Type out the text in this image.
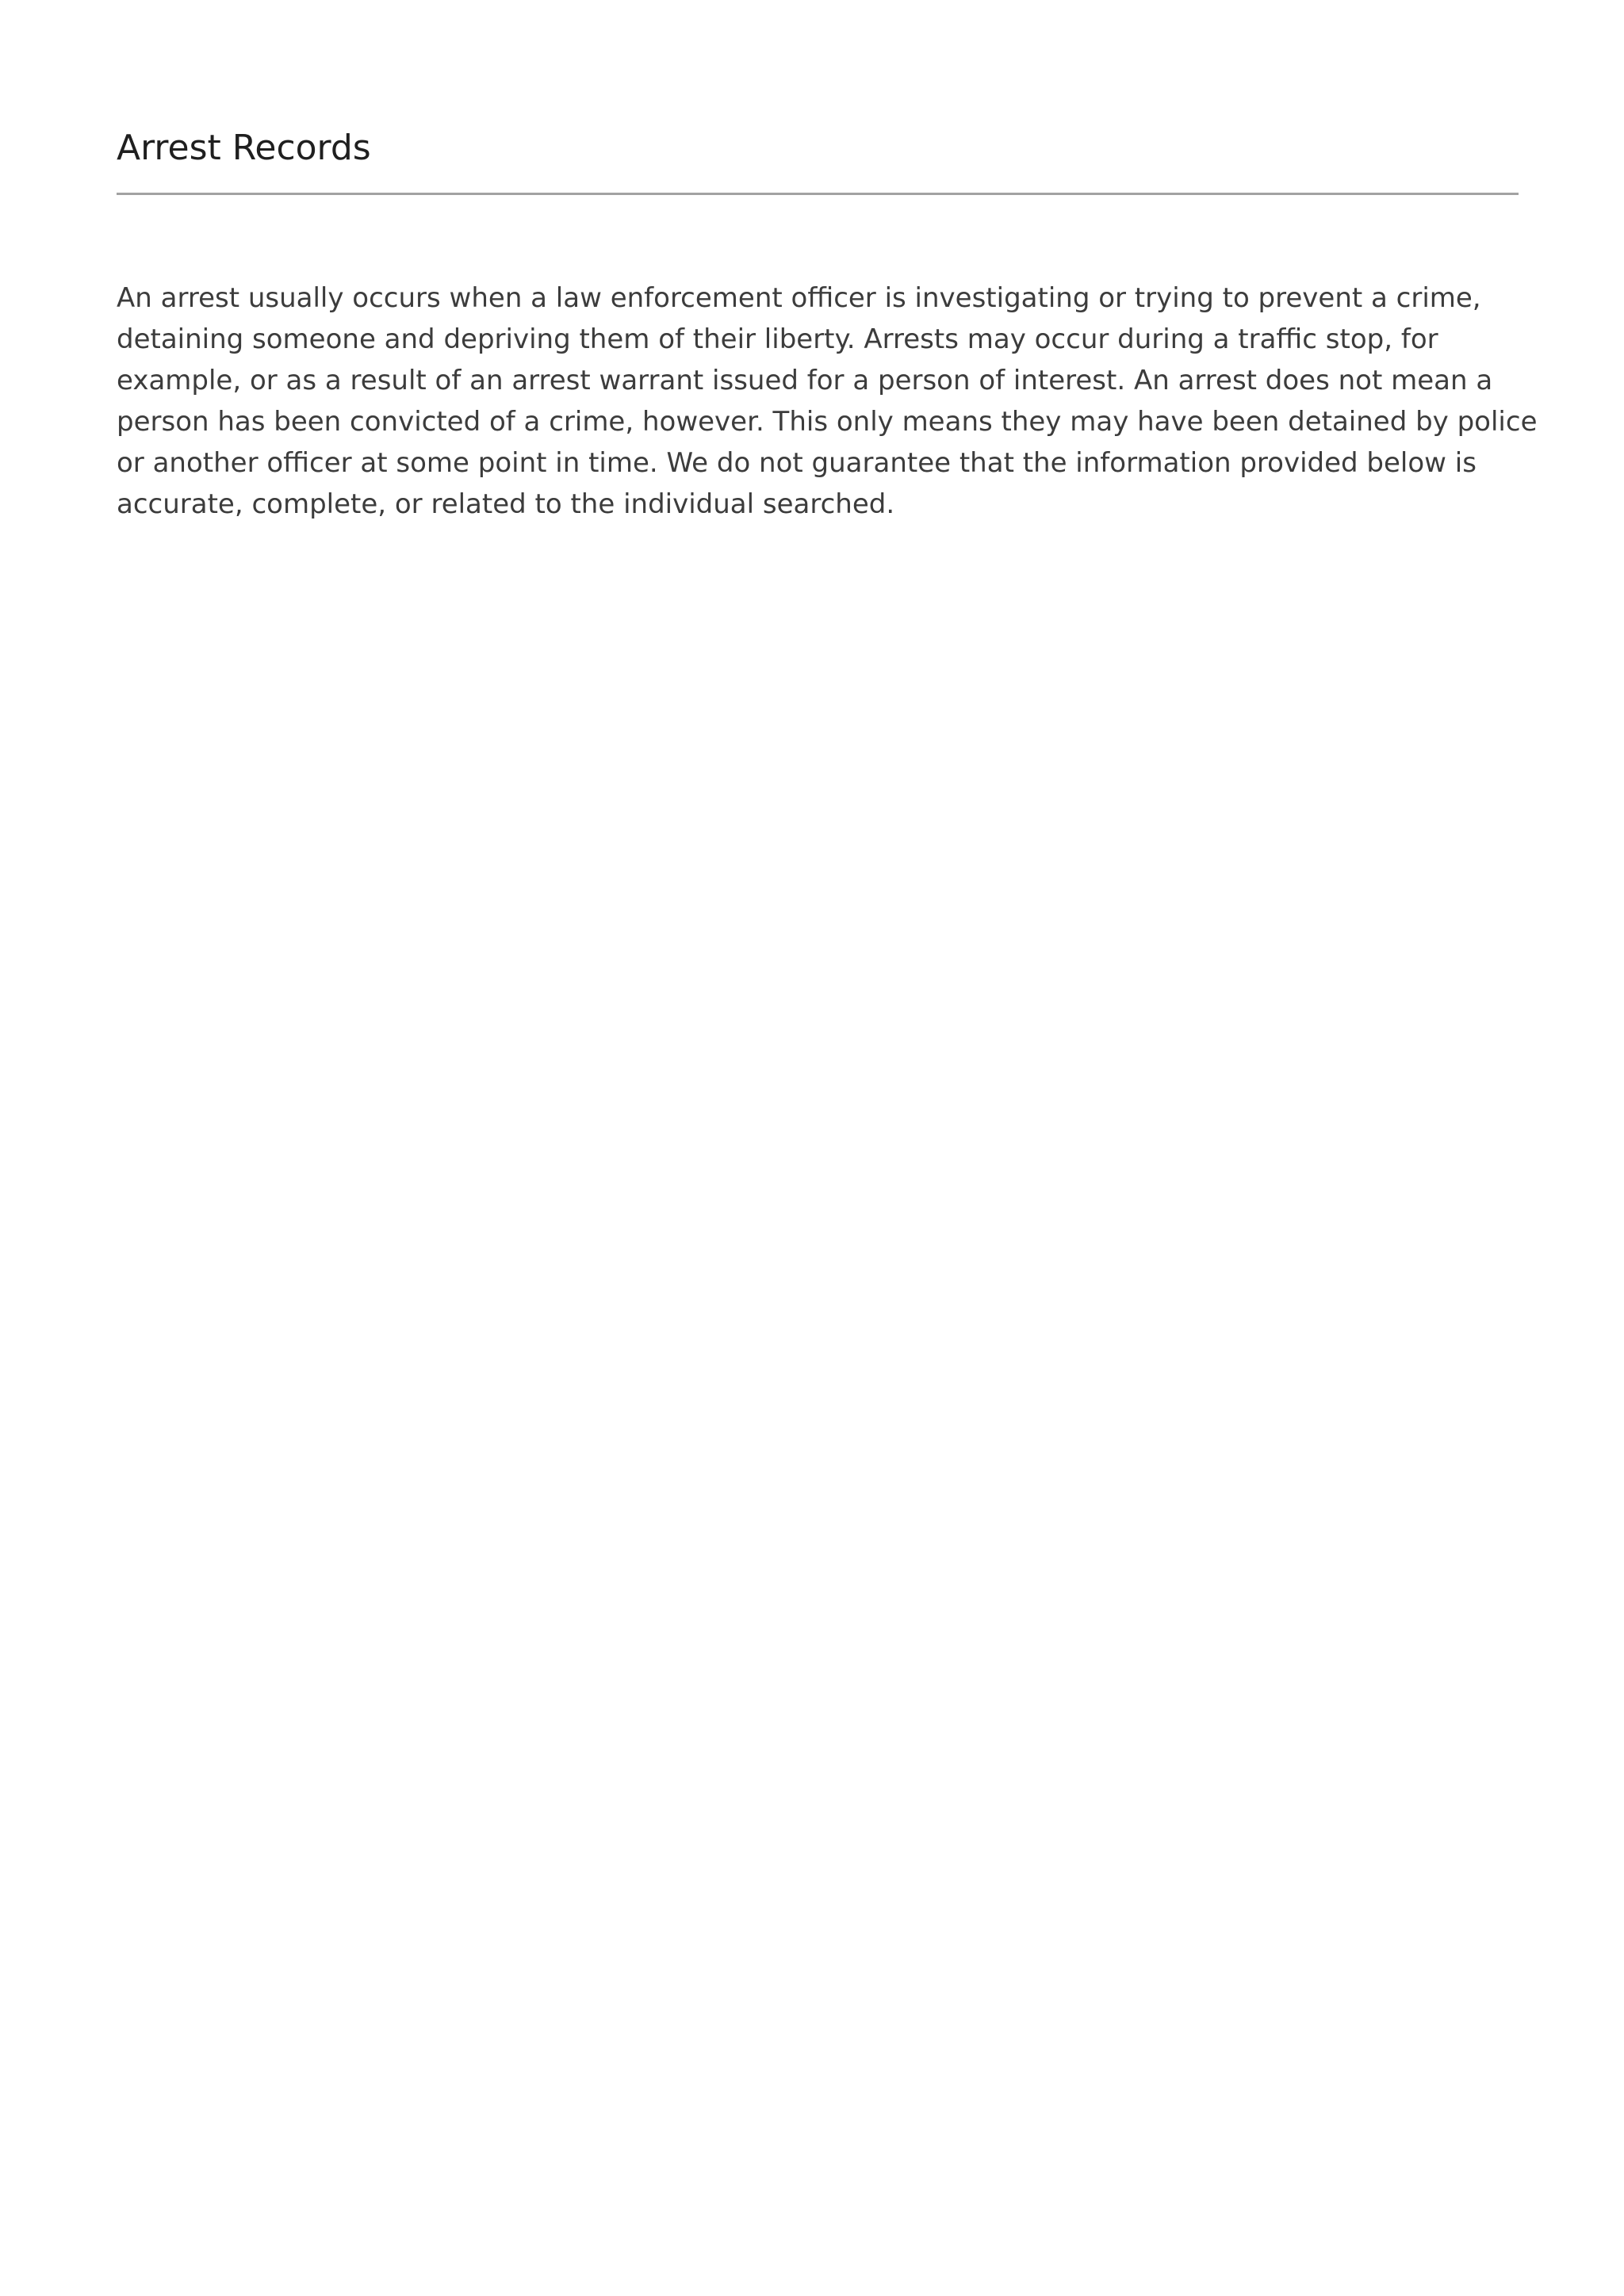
Arrest Records

An arrest usually occurs when a law enforcement officer is investigating or trying to prevent a crime,
detaining someone and depriving them of their liberty. Arrests may occur during a traffic stop, for
example, or as a result of an arrest warrant issued for a person of interest. An arrest does not mean a
person has been convicted of a crime, however. This only means they may have been detained by police
or another officer at some point in time. We do not guarantee that the information provided below is
accurate, complete, or related to the individual searched.
